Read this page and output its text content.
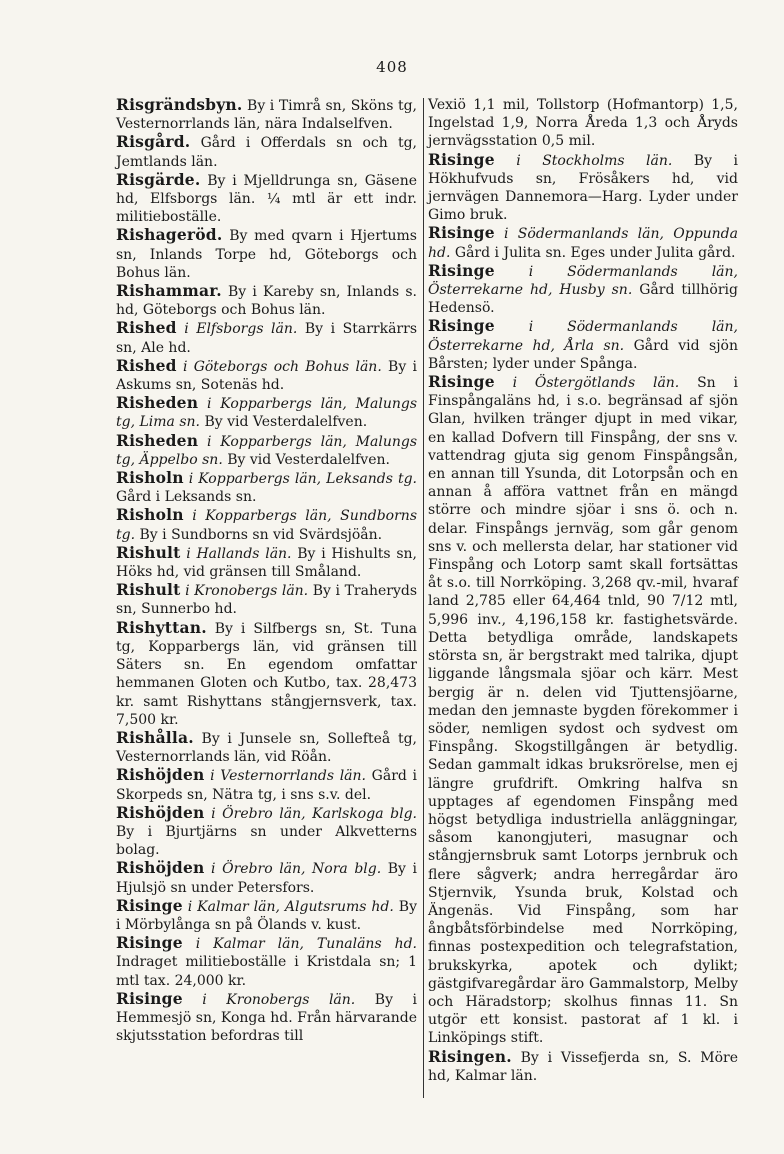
408

Risgrändsbyn. By i Timrå sn, Sköns tg, Vesternorrlands län, nära Indalselfven.

Risgård. Gård i Offerdals sn och tg, Jemtlands län.

Risgärde. By i Mjelldrunga sn, Gäsene hd, Elfsborgs län. ¼ mtl är ett indr. militieboställe.

Rishageröd. By med qvarn i Hjertums sn, Inlands Torpe hd, Göteborgs och Bohus län.

Rishammar. By i Kareby sn, Inlands s. hd, Göteborgs och Bohus län.

Rished i Elfsborgs län. By i Starrkärrs sn, Ale hd.

Rished i Göteborgs och Bohus län. By i Askums sn, Sotenäs hd.

Risheden i Kopparbergs län, Malungs tg, Lima sn. By vid Vesterdalelfven.

Risheden i Kopparbergs län, Malungs tg, Äppelbo sn. By vid Vesterdalelfven.

Risholn i Kopparbergs län, Leksands tg. Gård i Leksands sn.

Risholn i Kopparbergs län, Sundborns tg. By i Sundborns sn vid Svärdsjöån.

Rishult i Hallands län. By i Hishults sn, Höks hd, vid gränsen till Småland.

Rishult i Kronobergs län. By i Traheryds sn, Sunnerbo hd.

Rishyttan. By i Silfbergs sn, St. Tuna tg, Kopparbergs län, vid gränsen till Säters sn. En egendom omfattar hemmanen Gloten och Kutbo, tax. 28,473 kr. samt Rishyttans stångjernsverk, tax. 7,500 kr.

Rishålla. By i Junsele sn, Sollefteå tg, Vesternorrlands län, vid Röån.

Rishöjden i Vesternorrlands län. Gård i Skorpeds sn, Nätra tg, i sns s.v. del.

Rishöjden i Örebro län, Karlskoga blg. By i Bjurtjärns sn under Alkvetterns bolag.

Rishöjden i Örebro län, Nora blg. By i Hjulsjö sn under Petersfors.

Risinge i Kalmar län, Algutsrums hd. By i Mörbylånga sn på Ölands v. kust.

Risinge i Kalmar län, Tunaläns hd. Indraget militieboställe i Kristdala sn; 1 mtl tax. 24,000 kr.

Risinge i Kronobergs län. By i Hemmesjö sn, Konga hd. Från härvarande skjutsstation befordras till

Vexiö 1,1 mil, Tollstorp (Hofmantorp) 1,5, Ingelstad 1,9, Norra Åreda 1,3 och Åryds jernvägsstation 0,5 mil.

Risinge i Stockholms län. By i Hökhufvuds sn, Frösåkers hd, vid jernvägen Dannemora—Harg. Lyder under Gimo bruk.

Risinge i Södermanlands län, Oppunda hd. Gård i Julita sn. Eges under Julita gård.

Risinge i Södermanlands län, Österrekarne hd, Husby sn. Gård tillhörig Hedensö.

Risinge i Södermanlands län, Österrekarne hd, Årla sn. Gård vid sjön Bårsten; lyder under Spånga.

Risinge i Östergötlands län. Sn i Finspångaläns hd, i s.o. begränsad af sjön Glan, hvilken tränger djupt in med vikar, en kallad Dofvern till Finspång, der sns v. vattendrag gjuta sig genom Finspångsån, en annan till Ysunda, dit Lotorpsån och en annan å afföra vattnet från en mängd större och mindre sjöar i sns ö. och n. delar. Finspångs jernväg, som går genom sns v. och mellersta delar, har stationer vid Finspång och Lotorp samt skall fortsättas åt s.o. till Norrköping. 3,268 qv.-mil, hvaraf land 2,785 eller 64,464 tnld, 90 7/12 mtl, 5,996 inv., 4,196,158 kr. fastighetsvärde. Detta betydliga område, landskapets största sn, är bergstrakt med talrika, djupt liggande långsmala sjöar och kärr. Mest bergig är n. delen vid Tjuttensjöarne, medan den jemnaste bygden förekommer i söder, nemligen sydost och sydvest om Finspång. Skogstillgången är betydlig. Sedan gammalt idkas bruksrörelse, men ej längre grufdrift. Omkring halfva sn upptages af egendomen Finspång med högst betydliga industriella anläggningar, såsom kanongjuteri, masugnar och stångjernsbruk samt Lotorps jernbruk och flere sågverk; andra herregårdar äro Stjernvik, Ysunda bruk, Kolstad och Ängenäs. Vid Finspång, som har ångbåtsförbindelse med Norrköping, finnas postexpedition och telegrafstation, brukskyrka, apotek och dylikt; gästgifvaregårdar äro Gammalstorp, Melby och Häradstorp; skolhus finnas 11. Sn utgör ett konsist. pastorat af 1 kl. i Linköpings stift.

Risingen. By i Vissefjerda sn, S. Möre hd, Kalmar län.
